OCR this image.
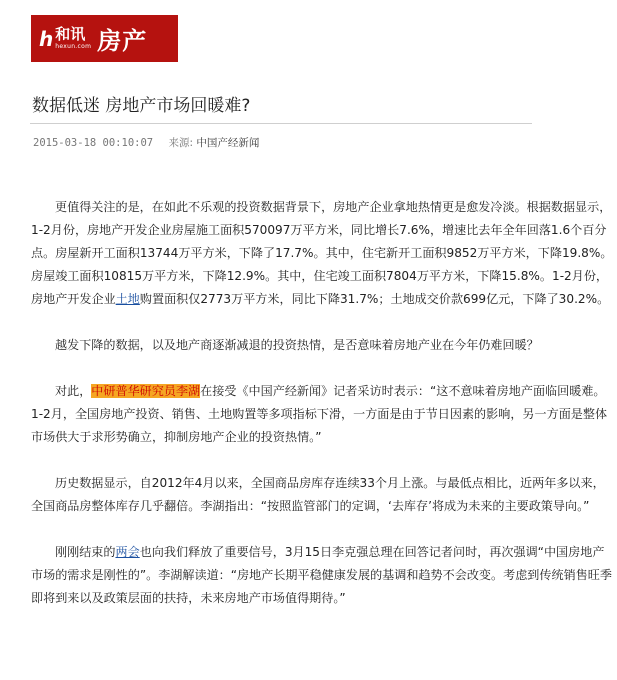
h 和讯
hexun.com 房产
数据低迷 房地产市场回暖难?
2015-03-18 00:10:07 来源: 中国产经新闻

更值得关注的是，在如此不乐观的投资数据背景下，房地产企业拿地热情更是愈发冷淡。根据数据显示，1-2月份，房地产开发企业房屋施工面积570097万平方米，同比增长7.6%，增速比去年全年回落1.6个百分点。房屋新开工面积13744万平方米，下降了17.7%。其中，住宅新开工面积9852万平方米，下降19.8%。房屋竣工面积10815万平方米，下降12.9%。其中，住宅竣工面积7804万平方米，下降15.8%。1-2月份，房地产开发企业土地购置面积仅2773万平方米，同比下降31.7%；土地成交价款699亿元，下降了30.2%。

越发下降的数据，以及地产商逐渐减退的投资热情，是否意味着房地产业在今年仍难回暖？

对此，中研普华研究员李湖在接受《中国产经新闻》记者采访时表示：“这不意味着房地产面临回暖难。1-2月，全国房地产投资、销售、土地购置等多项指标下滑，一方面是由于节日因素的影响，另一方面是整体市场供大于求形势确立，抑制房地产企业的投资热情。”

历史数据显示，自2012年4月以来，全国商品房库存连续33个月上涨。与最低点相比，近两年多以来，全国商品房整体库存几乎翻倍。李湖指出：“按照监管部门的定调，‘去库存’将成为未来的主要政策导向。”

刚刚结束的两会也向我们释放了重要信号，3月15日李克强总理在回答记者问时，再次强调“中国房地产市场的需求是刚性的”。李湖解读道：“房地产长期平稳健康发展的基调和趋势不会改变。考虑到传统销售旺季即将到来以及政策层面的扶持，未来房地产市场值得期待。”
